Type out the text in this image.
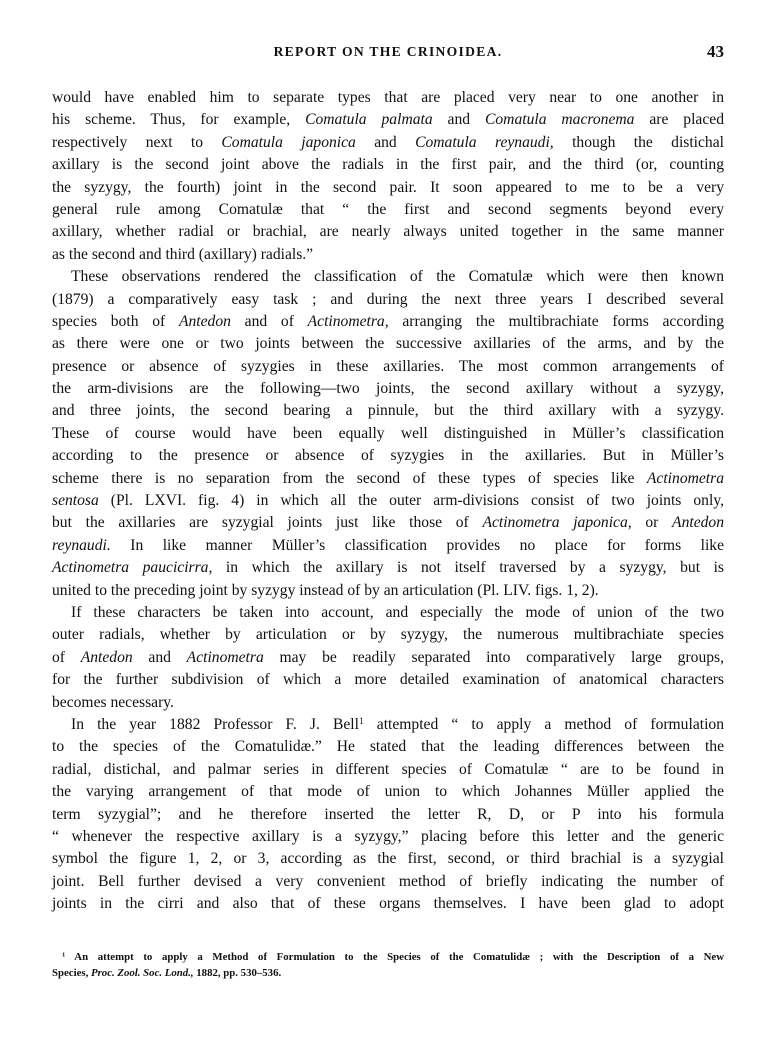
REPORT ON THE CRINOIDEA.	43
would have enabled him to separate types that are placed very near to one another in
his scheme. Thus, for example, Comatula palmata and Comatula macronema are placed
respectively next to Comatula japonica and Comatula reynaudi, though the distichal
axillary is the second joint above the radials in the first pair, and the third (or, counting
the syzygy, the fourth) joint in the second pair. It soon appeared to me to be a very
general rule among Comatulæ that “ the first and second segments beyond every
axillary, whether radial or brachial, are nearly always united together in the same manner
as the second and third (axillary) radials.”
These observations rendered the classification of the Comatulæ which were then known
(1879) a comparatively easy task ; and during the next three years I described several
species both of Antedon and of Actinometra, arranging the multibrachiate forms according
as there were one or two joints between the successive axillaries of the arms, and by the
presence or absence of syzygies in these axillaries. The most common arrangements of
the arm-divisions are the following—two joints, the second axillary without a syzygy,
and three joints, the second bearing a pinnule, but the third axillary with a syzygy.
These of course would have been equally well distinguished in Müller’s classification
according to the presence or absence of syzygies in the axillaries. But in Müller’s
scheme there is no separation from the second of these types of species like Actinometra
sentosa (Pl. LXVI. fig. 4) in which all the outer arm-divisions consist of two joints only,
but the axillaries are syzygial joints just like those of Actinometra japonica, or Antedon
reynaudi. In like manner Müller’s classification provides no place for forms like
Actinometra paucicirra, in which the axillary is not itself traversed by a syzygy, but is
united to the preceding joint by syzygy instead of by an articulation (Pl. LIV. figs. 1, 2).
If these characters be taken into account, and especially the mode of union of the two
outer radials, whether by articulation or by syzygy, the numerous multibrachiate species
of Antedon and Actinometra may be readily separated into comparatively large groups,
for the further subdivision of which a more detailed examination of anatomical characters
becomes necessary.
In the year 1882 Professor F. J. Bell$^1$ attempted “ to apply a method of formulation
to the species of the Comatulidæ.” He stated that the leading differences between the
radial, distichal, and palmar series in different species of Comatulæ “ are to be found in
the varying arrangement of that mode of union to which Johannes Müller applied the
term syzygial”; and he therefore inserted the letter R, D, or P into his formula
“ whenever the respective axillary is a syzygy,” placing before this letter and the generic
symbol the figure 1, 2, or 3, according as the first, second, or third brachial is a syzygial
joint. Bell further devised a very convenient method of briefly indicating the number of
joints in the cirri and also that of these organs themselves. I have been glad to adopt
$^1$ An attempt to apply a Method of Formulation to the Species of the Comatulidæ ; with the Description of a New
Species, Proc. Zool. Soc. Lond., 1882, pp. 530–536.
